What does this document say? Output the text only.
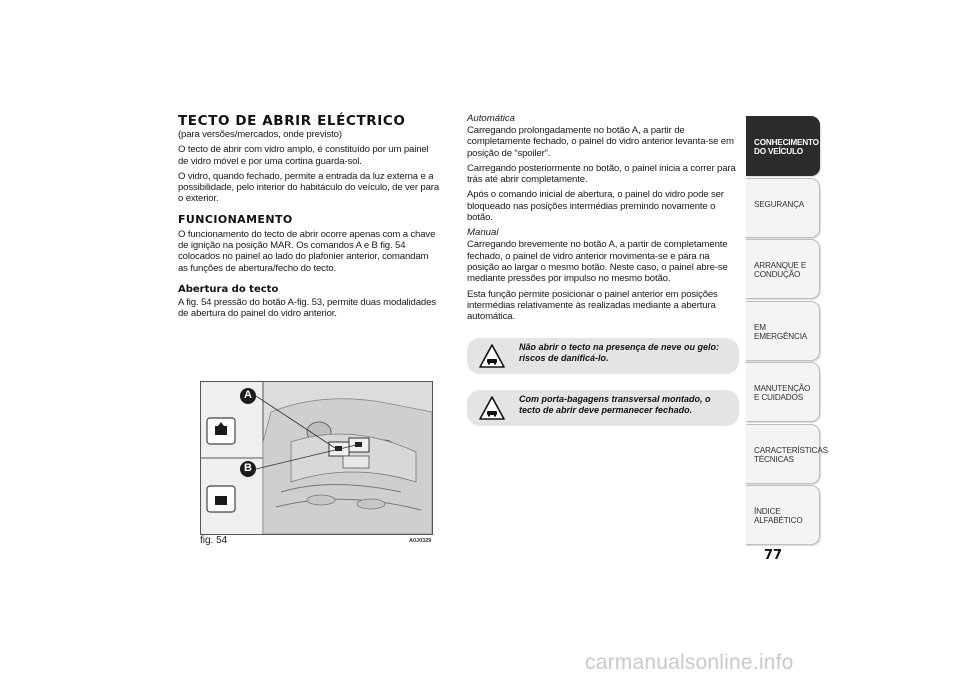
TECTO DE ABRIR ELÉCTRICO

(para versões/mercados, onde previsto)

O tecto de abrir com vidro amplo, é constituído por um painel de vidro móvel e por uma cortina guarda-sol.

O vidro, quando fechado, permite a entrada da luz externa e a possibilidade, pelo interior do habitáculo do veículo, de ver para o exterior.

FUNCIONAMENTO

O funcionamento do tecto de abrir ocorre apenas com a chave de ignição na posição MAR. Os comandos A e B fig. 54 colocados no painel ao lado do plafonier anterior, comandam as funções de abertura/fecho do tecto.

Abertura do tecto

A fig. 54 pressão do botão A-fig. 53, permite duas modalidades de abertura do painel do vidro anterior.

A
B
fig. 54	A0J0329
Automática

Carregando prolongadamente no botão A, a partir de completamente fechado, o painel do vidro anterior levanta-se em posição de “spoiler”.

Carregando posteriormente no botão, o painel inicia a correr para trás até abrir completamente.

Após o comando inicial de abertura, o painel do vidro pode ser bloqueado nas posições intermédias premindo novamente o botão.

Manual

Carregando brevemente no botão A, a partir de completamente fechado, o painel de vidro anterior movimenta-se e pára na posição ao largar o mesmo botão. Neste caso, o painel abre-se mediante pressões por impulso no mesmo botão.

Esta função permite posicionar o painel anterior em posições intermédias relativamente às realizadas mediante a abertura automática.

Não abrir o tecto na presença de neve ou gelo: riscos de danificá-lo.
Com porta-bagagens transversal montado, o tecto de abrir deve permanecer fechado.
CONHECIMENTO DO VEÍCULO
SEGURANÇA
ARRANQUE E CONDUÇÃO
EM EMERGÊNCIA
MANUTENÇÃO E CUIDADOS
CARACTERÍSTICAS TÉCNICAS
ÍNDICE ALFABÉTICO
77
carmanualsonline.info
